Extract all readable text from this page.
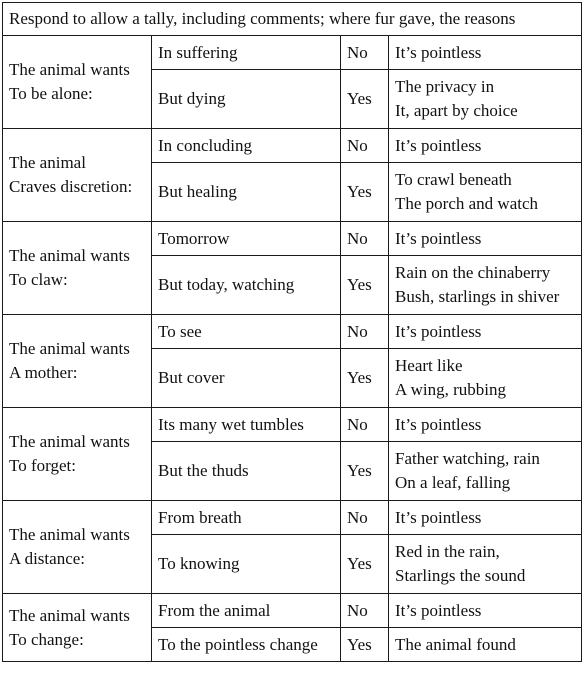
Respond to allow a tally, including comments; where fur gave, the reasons			
The animal wants
To be alone:	In suffering	No	It’s pointless
	But dying	Yes	The privacy in
It, apart by choice
The animal
Craves discretion:	In concluding	No	It’s pointless
	But healing	Yes	To crawl beneath
The porch and watch
The animal wants
To claw:	Tomorrow	No	It’s pointless
	But today, watching	Yes	Rain on the chinaberry
Bush, starlings in shiver
The animal wants
A mother:	To see	No	It’s pointless
	But cover	Yes	Heart like
A wing, rubbing
The animal wants
To forget:	Its many wet tumbles	No	It’s pointless
	But the thuds	Yes	Father watching, rain
On a leaf, falling
The animal wants
A distance:	From breath	No	It’s pointless
	To knowing	Yes	Red in the rain,
Starlings the sound
The animal wants
To change:	From the animal	No	It’s pointless
	To the pointless change	Yes	The animal found
